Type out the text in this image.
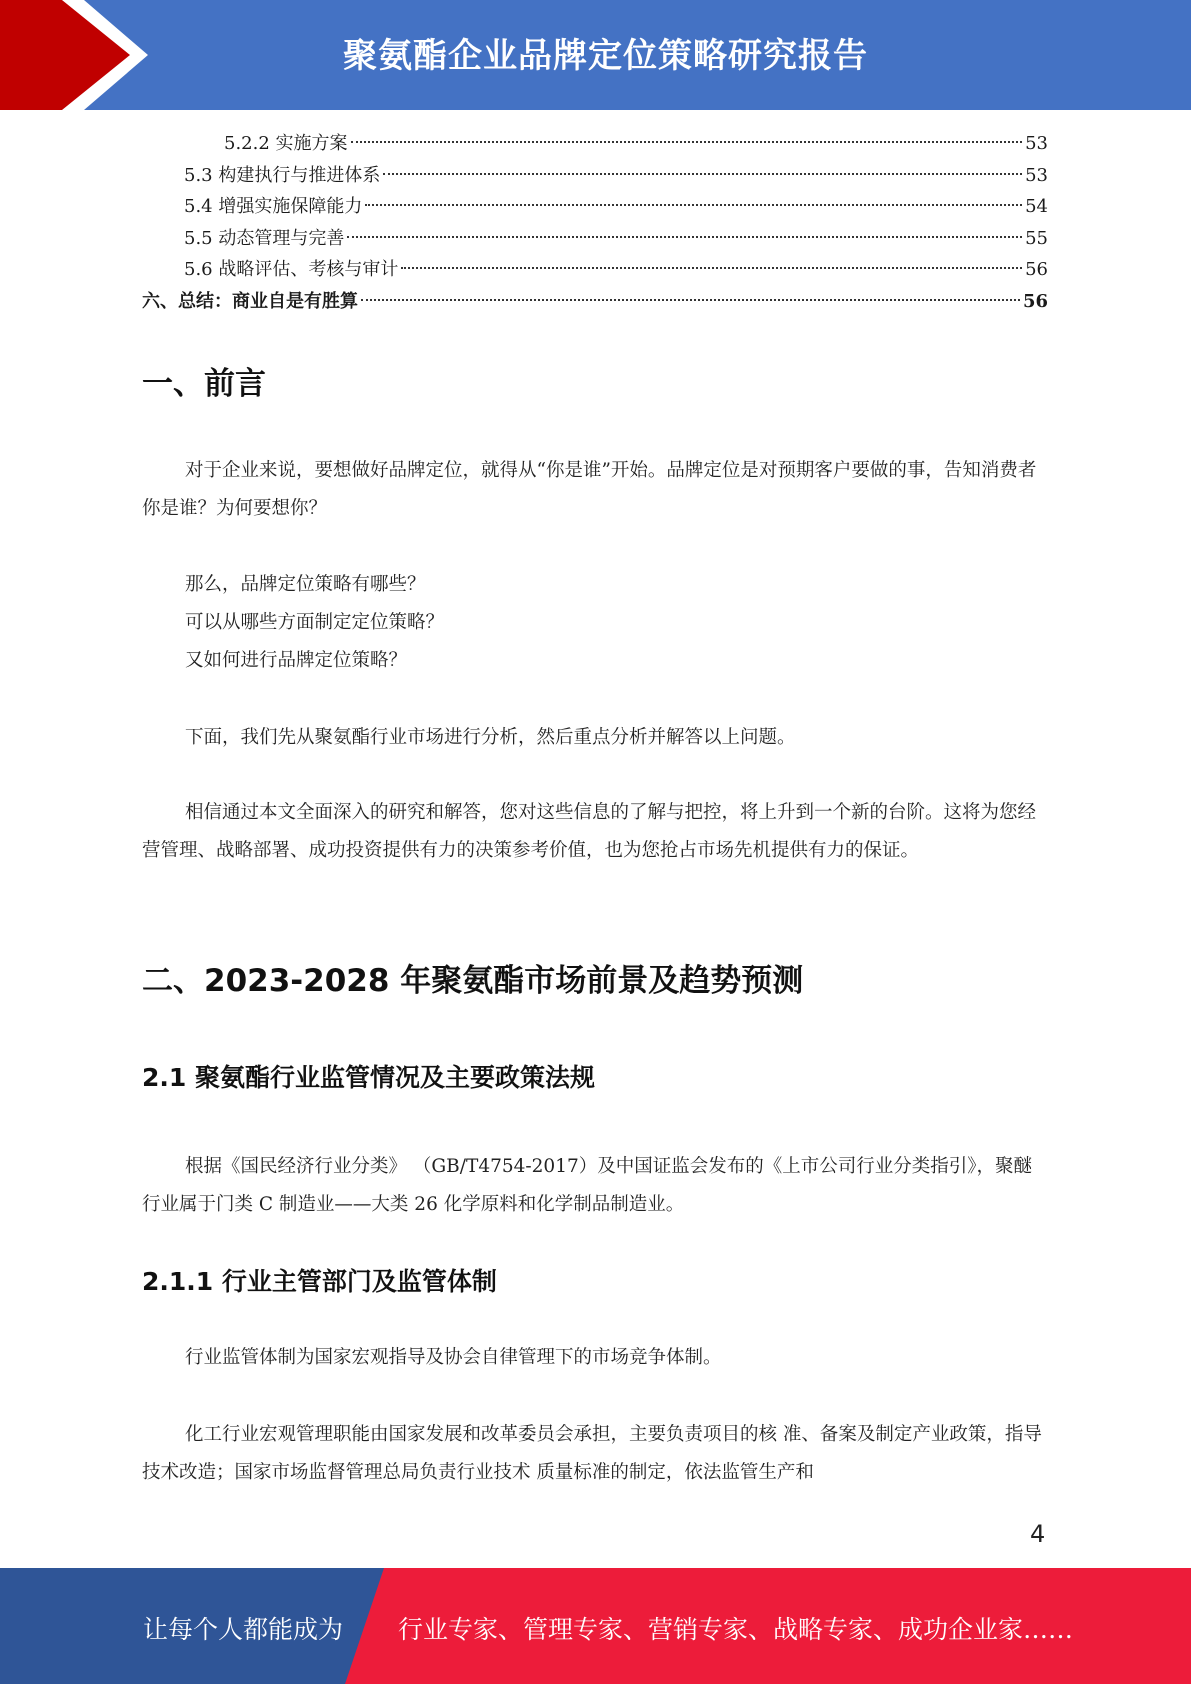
聚氨酯企业品牌定位策略研究报告
5.2.2 实施方案	53
5.3 构建执行与推进体系	53
5.4 增强实施保障能力	54
5.5 动态管理与完善	55
5.6 战略评估、考核与审计	56
六、总结：商业自是有胜算	56
一、前言

对于企业来说，要想做好品牌定位，就得从“你是谁”开始。品牌定位是对预期客户要做的事，告知消费者你是谁？为何要想你？

那么，品牌定位策略有哪些？

可以从哪些方面制定定位策略？

又如何进行品牌定位策略？

下面，我们先从聚氨酯行业市场进行分析，然后重点分析并解答以上问题。

相信通过本文全面深入的研究和解答，您对这些信息的了解与把控，将上升到一个新的台阶。这将为您经营管理、战略部署、成功投资提供有力的决策参考价值，也为您抢占市场先机提供有力的保证。

二、2023-2028 年聚氨酯市场前景及趋势预测
2.1 聚氨酯行业监管情况及主要政策法规

根据《国民经济行业分类》 （GB/T4754-2017）及中国证监会发布的《上市公司行业分类指引》，聚醚行业属于门类 C 制造业——大类 26 化学原料和化学制品制造业。

2.1.1 行业主管部门及监管体制

行业监管体制为国家宏观指导及协会自律管理下的市场竞争体制。

化工行业宏观管理职能由国家发展和改革委员会承担，主要负责项目的核 准、备案及制定产业政策，指导技术改造；国家市场监督管理总局负责行业技术 质量标准的制定，依法监管生产和

4
让每个人都能成为 行业专家、管理专家、营销专家、战略专家、成功企业家……
